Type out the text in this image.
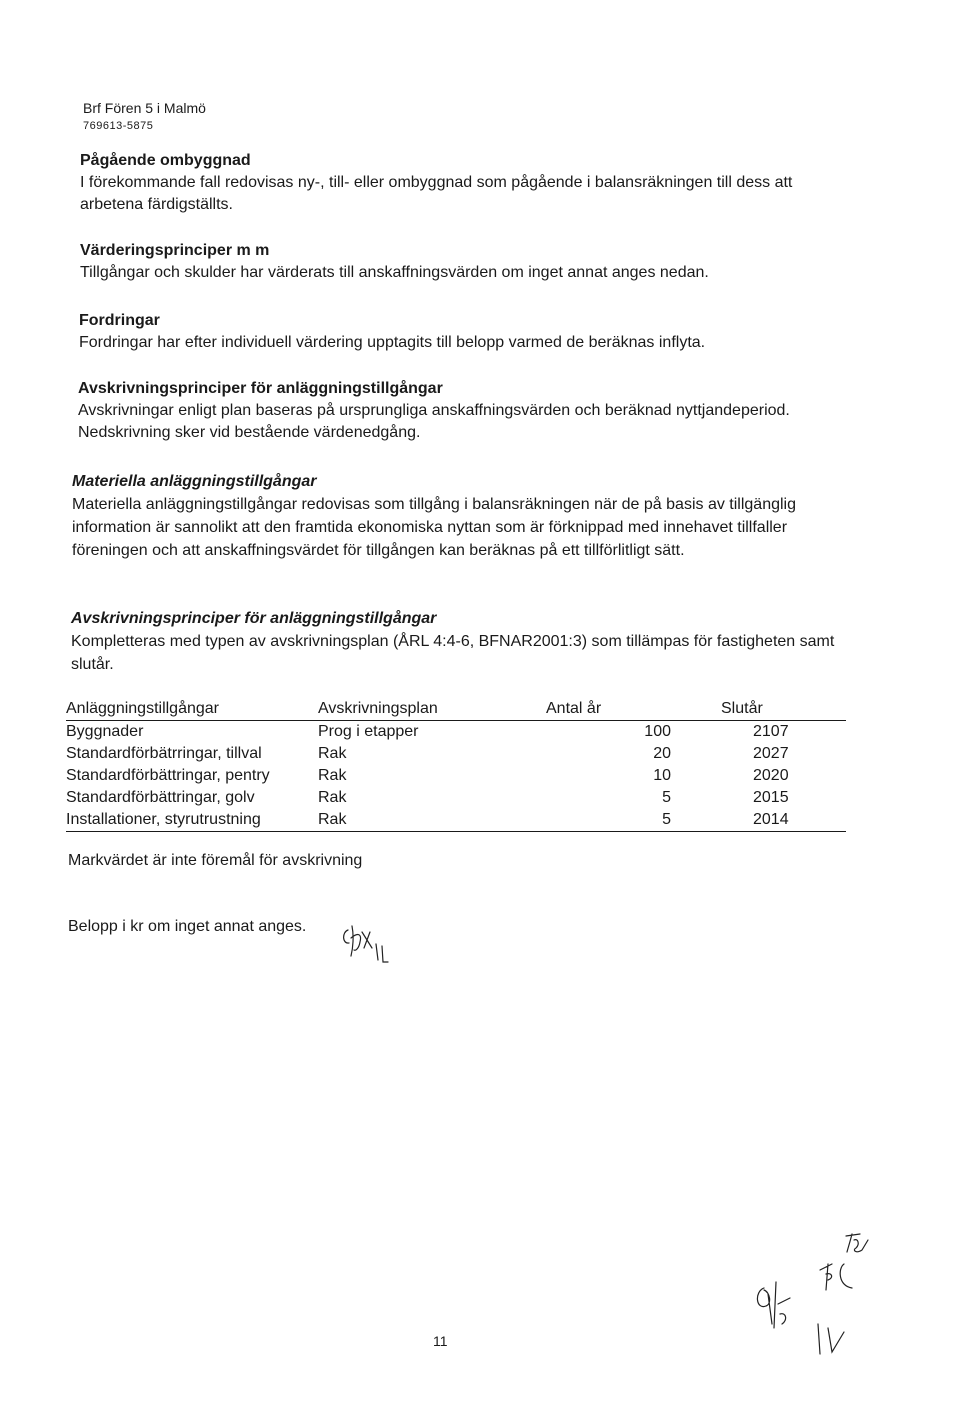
Brf Fören 5 i Malmö
769613-5875
Pågående ombyggnad

I förekommande fall redovisas ny-, till- eller ombyggnad som pågående i balansräkningen till dess att arbetena färdigställts.

Värderingsprinciper m m

Tillgångar och skulder har värderats till anskaffningsvärden om inget annat anges nedan.

Fordringar

Fordringar har efter individuell värdering upptagits till belopp varmed de beräknas inflyta.

Avskrivningsprinciper för anläggningstillgångar

Avskrivningar enligt plan baseras på ursprungliga anskaffningsvärden och beräknad nyttjandeperiod. Nedskrivning sker vid bestående värdenedgång.

Materiella anläggningstillgångar

Materiella anläggningstillgångar redovisas som tillgång i balansräkningen när de på basis av tillgänglig information är sannolikt att den framtida ekonomiska nyttan som är förknippad med innehavet tillfaller föreningen och att anskaffningsvärdet för tillgången kan beräknas på ett tillförlitligt sätt.

Avskrivningsprinciper för anläggningstillgångar

Kompletteras med typen av avskrivningsplan (ÅRL 4:4-6, BFNAR2001:3) som tillämpas för fastigheten samt slutår.

Anläggningstillgångar	Avskrivningsplan	Antal år	Slutår
Byggnader	Prog i etapper	100	2107
Standardförbätrringar, tillval	Rak	20	2027
Standardförbättringar, pentry	Rak	10	2020
Standardförbättringar, golv	Rak	5	2015
Installationer, styrutrustning	Rak	5	2014
Markvärdet är inte föremål för avskrivning
Belopp i kr om inget annat anges.
11
